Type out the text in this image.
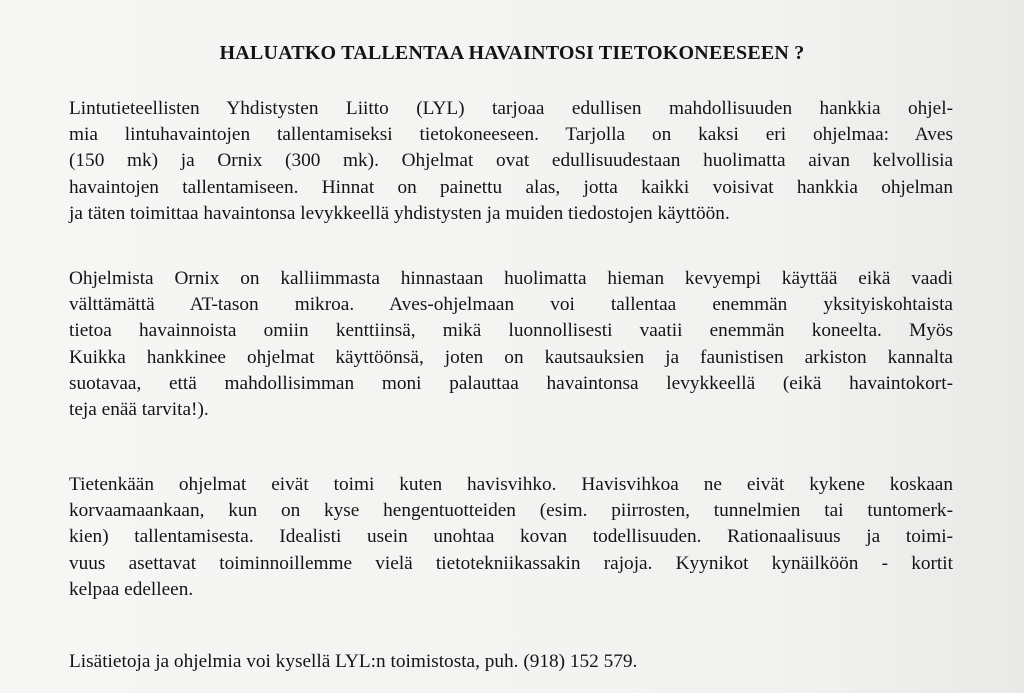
HALUATKO TALLENTAA HAVAINTOSI TIETOKONEESEEN ?

Lintutieteellisten Yhdistysten Liitto (LYL) tarjoaa edullisen mahdollisuuden hankkia ohjel-
mia lintuhavaintojen tallentamiseksi tietokoneeseen. Tarjolla on kaksi eri ohjelmaa: Aves
(150 mk) ja Ornix (300 mk). Ohjelmat ovat edullisuudestaan huolimatta aivan kelvollisia
havaintojen tallentamiseen. Hinnat on painettu alas, jotta kaikki voisivat hankkia ohjelman
ja täten toimittaa havaintonsa levykkeellä yhdistysten ja muiden tiedostojen käyttöön.

Ohjelmista Ornix on kalliimmasta hinnastaan huolimatta hieman kevyempi käyttää eikä vaadi
välttämättä AT-tason mikroa. Aves-ohjelmaan voi tallentaa enemmän yksityiskohtaista
tietoa havainnoista omiin kenttiinsä, mikä luonnollisesti vaatii enemmän koneelta. Myös
Kuikka hankkinee ohjelmat käyttöönsä, joten on kautsauksien ja faunistisen arkiston kannalta
suotavaa, että mahdollisimman moni palauttaa havaintonsa levykkeellä (eikä havaintokort-
teja enää tarvita!).

Tietenkään ohjelmat eivät toimi kuten havisvihko. Havisvihkoa ne eivät kykene koskaan
korvaamaankaan, kun on kyse hengentuotteiden (esim. piirrosten, tunnelmien tai tuntomerk-
kien) tallentamisesta. Idealisti usein unohtaa kovan todellisuuden. Rationaalisuus ja toimi-
vuus asettavat toiminnoillemme vielä tietotekniikassakin rajoja. Kyynikot kynäilköön - kortit
kelpaa edelleen.

Lisätietoja ja ohjelmia voi kysellä LYL:n toimistosta, puh. (918) 152 579.
